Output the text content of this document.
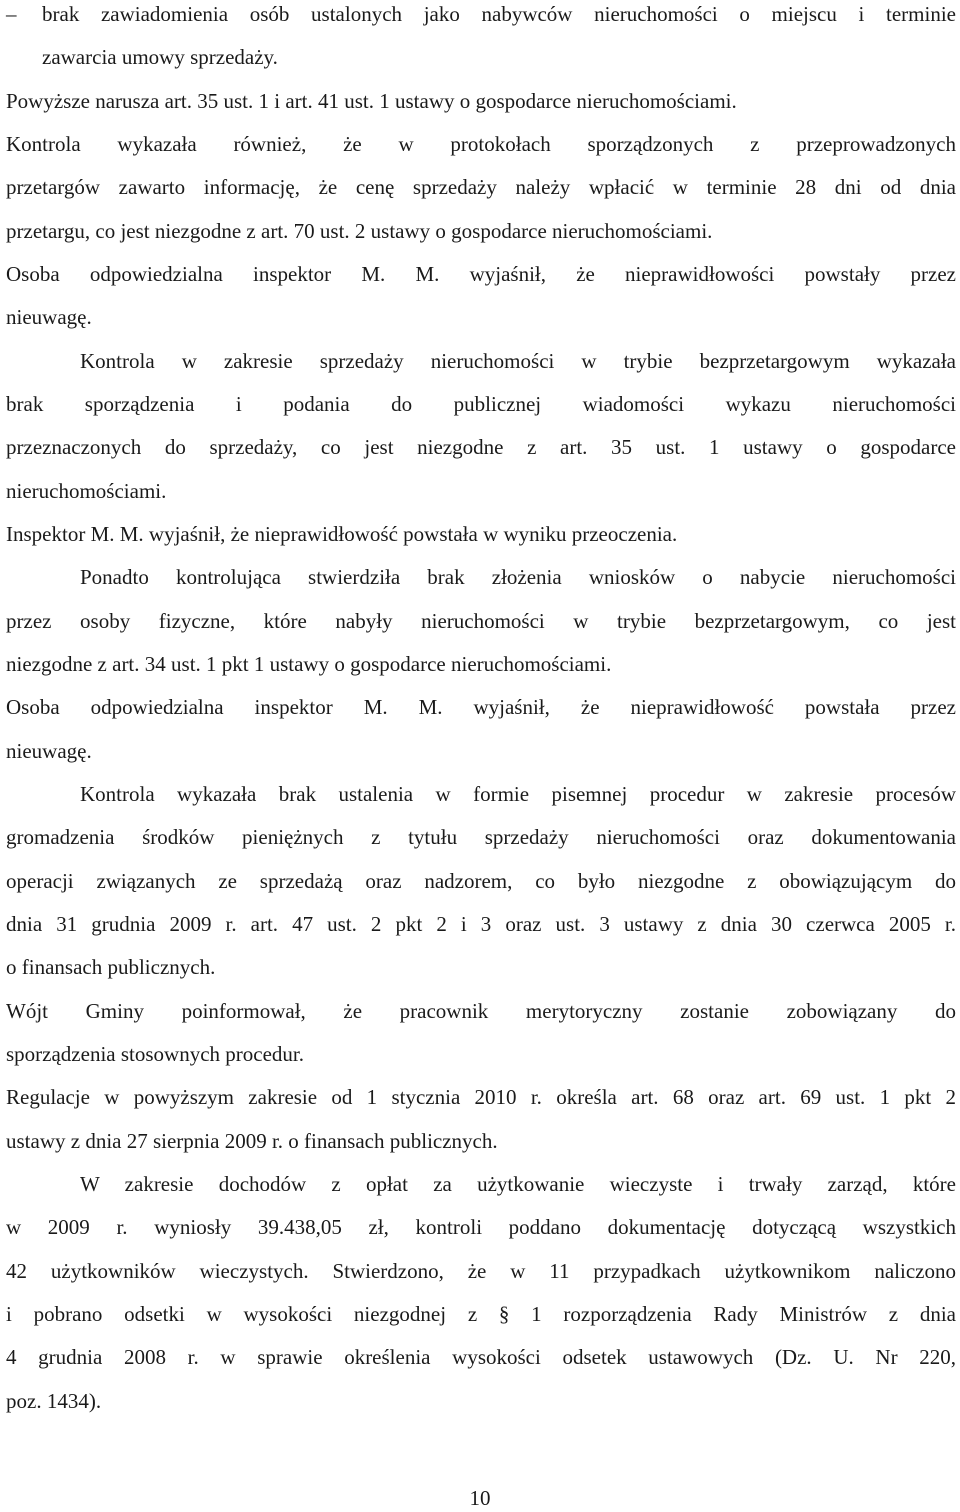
– brak zawiadomienia osób ustalonych jako nabywców nieruchomości o miejscu i terminie
zawarcia umowy sprzedaży.
Powyższe narusza art. 35 ust. 1 i art. 41 ust. 1 ustawy o gospodarce nieruchomościami.
Kontrola wykazała również, że w protokołach sporządzonych z przeprowadzonych
przetargów zawarto informację, że cenę sprzedaży należy wpłacić w terminie 28 dni od dnia
przetargu, co jest niezgodne z art. 70 ust. 2 ustawy o gospodarce nieruchomościami.
Osoba odpowiedzialna inspektor M. M. wyjaśnił, że nieprawidłowości powstały przez
nieuwagę.
Kontrola w zakresie sprzedaży nieruchomości w trybie bezprzetargowym wykazała
brak sporządzenia i podania do publicznej wiadomości wykazu nieruchomości
przeznaczonych do sprzedaży, co jest niezgodne z art. 35 ust. 1 ustawy o gospodarce
nieruchomościami.
Inspektor M. M. wyjaśnił, że nieprawidłowość powstała w wyniku przeoczenia.
Ponadto kontrolująca stwierdziła brak złożenia wniosków o nabycie nieruchomości
przez osoby fizyczne, które nabyły nieruchomości w trybie bezprzetargowym, co jest
niezgodne z art. 34 ust. 1 pkt 1 ustawy o gospodarce nieruchomościami.
Osoba odpowiedzialna inspektor M. M. wyjaśnił, że nieprawidłowość powstała przez
nieuwagę.
Kontrola wykazała brak ustalenia w formie pisemnej procedur w zakresie procesów
gromadzenia środków pieniężnych z tytułu sprzedaży nieruchomości oraz dokumentowania
operacji związanych ze sprzedażą oraz nadzorem, co było niezgodne z obowiązującym do
dnia 31 grudnia 2009 r. art. 47 ust. 2 pkt 2 i 3 oraz ust. 3 ustawy z dnia 30 czerwca 2005 r.
o finansach publicznych.
Wójt Gminy poinformował, że pracownik merytoryczny zostanie zobowiązany do
sporządzenia stosownych procedur.
Regulacje w powyższym zakresie od 1 stycznia 2010 r. określa art. 68 oraz art. 69 ust. 1 pkt 2
ustawy z dnia 27 sierpnia 2009 r. o finansach publicznych.
W zakresie dochodów z opłat za użytkowanie wieczyste i trwały zarząd, które
w 2009 r. wyniosły 39.438,05 zł, kontroli poddano dokumentację dotyczącą wszystkich
42 użytkowników wieczystych. Stwierdzono, że w 11 przypadkach użytkownikom naliczono
i pobrano odsetki w wysokości niezgodnej z § 1 rozporządzenia Rady Ministrów z dnia
4 grudnia 2008 r. w sprawie określenia wysokości odsetek ustawowych (Dz. U. Nr 220,
poz. 1434).
10
